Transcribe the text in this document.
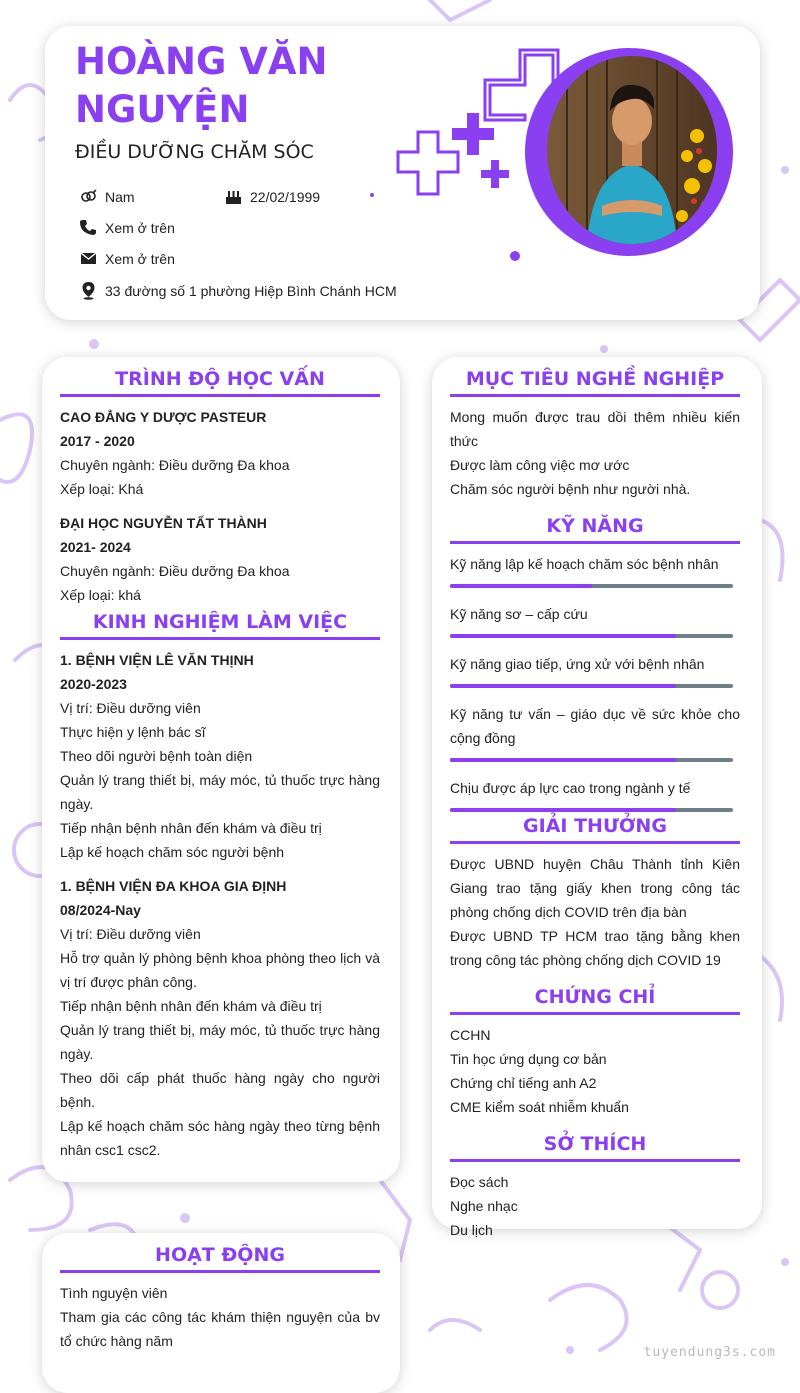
HOÀNG VĂN NGUYỆN
ĐIỀU DƯỠNG CHĂM SÓC
Nam	22/02/1999
Xem ở trên
Xem ở trên
33 đường số 1 phường Hiệp Bình Chánh HCM
TRÌNH ĐỘ HỌC VẤN
CAO ĐẲNG Y DƯỢC PASTEUR
2017 - 2020
Chuyên ngành: Điều dưỡng Đa khoa
Xếp loại: Khá
ĐẠI HỌC NGUYỄN TẤT THÀNH
2021- 2024
Chuyên ngành: Điều dưỡng Đa khoa
Xếp loại: khá
KINH NGHIỆM LÀM VIỆC
1. BỆNH VIỆN LÊ VĂN THỊNH
2020-2023
Vị trí: Điều dưỡng viên
Thực hiện y lệnh bác sĩ
Theo dõi người bệnh toàn diện
Quản lý trang thiết bị, máy móc, tủ thuốc trực hàng ngày.
Tiếp nhận bệnh nhân đến khám và điều trị
Lập kế hoạch chăm sóc người bệnh
1. BỆNH VIỆN ĐA KHOA GIA ĐỊNH
08/2024-Nay
Vị trí: Điều dưỡng viên
Hỗ trợ quản lý phòng bệnh khoa phòng theo lịch và vị trí được phân công.
Tiếp nhận bệnh nhân đến khám và điều trị
Quản lý trang thiết bị, máy móc, tủ thuốc trực hàng ngày.
Theo dõi cấp phát thuốc hàng ngày cho người bệnh.
Lập kế hoạch chăm sóc hàng ngày theo từng bệnh nhân csc1 csc2.
HOẠT ĐỘNG
Tình nguyện viên
Tham gia các công tác khám thiện nguyện của bv tổ chức hàng năm
MỤC TIÊU NGHỀ NGHIỆP
Mong muốn được trau dồi thêm nhiều kiến thức
Được làm công việc mơ ước
Chăm sóc người bệnh như người nhà.
KỸ NĂNG
Kỹ năng lập kế hoạch chăm sóc bệnh nhân
Kỹ năng sơ – cấp cứu
Kỹ năng giao tiếp, ứng xử với bệnh nhân
Kỹ năng tư vấn – giáo dục về sức khỏe cho cộng đồng
Chịu được áp lực cao trong ngành y tế
GIẢI THƯỞNG
Được UBND huyện Châu Thành tỉnh Kiên Giang trao tặng giấy khen trong công tác phòng chống dịch COVID trên địa bàn
Được UBND TP HCM trao tặng bằng khen trong công tác phòng chống dịch COVID 19
CHỨNG CHỈ
CCHN
Tin học ứng dụng cơ bản
Chứng chỉ tiếng anh A2
CME kiểm soát nhiễm khuẩn
SỞ THÍCH
Đọc sách
Nghe nhạc
Du lịch
tuyendung3s.com
